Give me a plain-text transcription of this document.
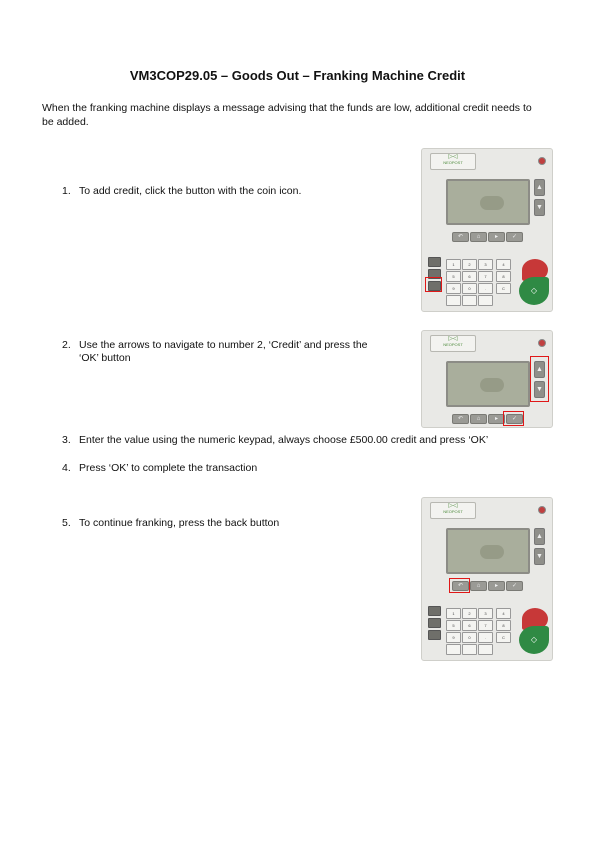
VM3COP29.05 – Goods Out – Franking Machine Credit
When the franking machine displays a message advising that the funds are low, additional credit needs to be added.
1. To add credit, click the button with the coin icon.
▷◁
NEOPOST
▲
▼
↶	⌂	▸	✓
1	2	3	4
5	6	7	8
9	0	.	C	◇
2. Use the arrows to navigate to number 2, ‘Credit’ and press the
‘OK’ button
▷◁
NEOPOST
▲
▼
↶	⌂	▸	✓
3. Enter the value using the numeric keypad, always choose £500.00 credit and press ‘OK’
4. Press ‘OK’ to complete the transaction
5. To continue franking, press the back button
▷◁
NEOPOST
▲
▼
↶	⌂	▸	✓
1	2	3	4
5	6	7	8
9	0	.	C	◇
